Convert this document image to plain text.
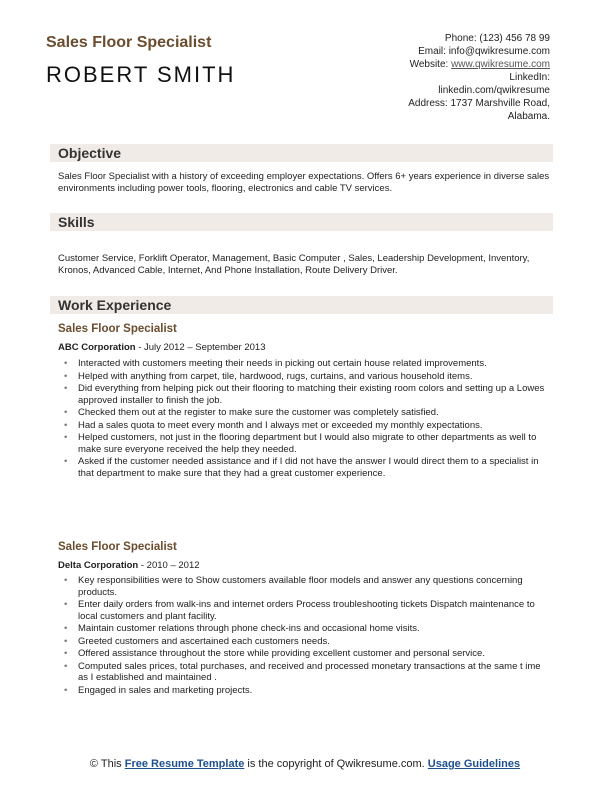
Sales Floor Specialist
ROBERT SMITH
Phone: (123) 456 78 99
Email: info@qwikresume.com
Website: www.qwikresume.com
LinkedIn:
linkedin.com/qwikresume
Address: 1737 Marshville Road,
Alabama.
Objective

Sales Floor Specialist with a history of exceeding employer expectations. Offers 6+ years experience in diverse sales environments including power tools, flooring, electronics and cable TV services.

Skills

Customer Service, Forklift Operator, Management, Basic Computer , Sales, Leadership Development, Inventory, Kronos, Advanced Cable, Internet, And Phone Installation, Route Delivery Driver.

Work Experience

Sales Floor Specialist

ABC Corporation - July 2012 – September 2013

• Interacted with customers meeting their needs in picking out certain house related improvements.
• Helped with anything from carpet, tile, hardwood, rugs, curtains, and various household items.
• Did everything from helping pick out their flooring to matching their existing room colors and setting up a Lowes approved installer to finish the job.
• Checked them out at the register to make sure the customer was completely satisfied.
• Had a sales quota to meet every month and I always met or exceeded my monthly expectations.
• Helped customers, not just in the flooring department but I would also migrate to other departments as well to make sure everyone received the help they needed.
• Asked if the customer needed assistance and if I did not have the answer I would direct them to a specialist in that department to make sure that they had a great customer experience.

Sales Floor Specialist

Delta Corporation - 2010 – 2012

• Key responsibilities were to Show customers available floor models and answer any questions concerning products.
• Enter daily orders from walk-ins and internet orders Process troubleshooting tickets Dispatch maintenance to local customers and plant facility.
• Maintain customer relations through phone check-ins and occasional home visits.
• Greeted customers and ascertained each customers needs.
• Offered assistance throughout the store while providing excellent customer and personal service.
• Computed sales prices, total purchases, and received and processed monetary transactions at the same t ime as I established and maintained .
• Engaged in sales and marketing projects.
© This Free Resume Template is the copyright of Qwikresume.com. Usage Guidelines
